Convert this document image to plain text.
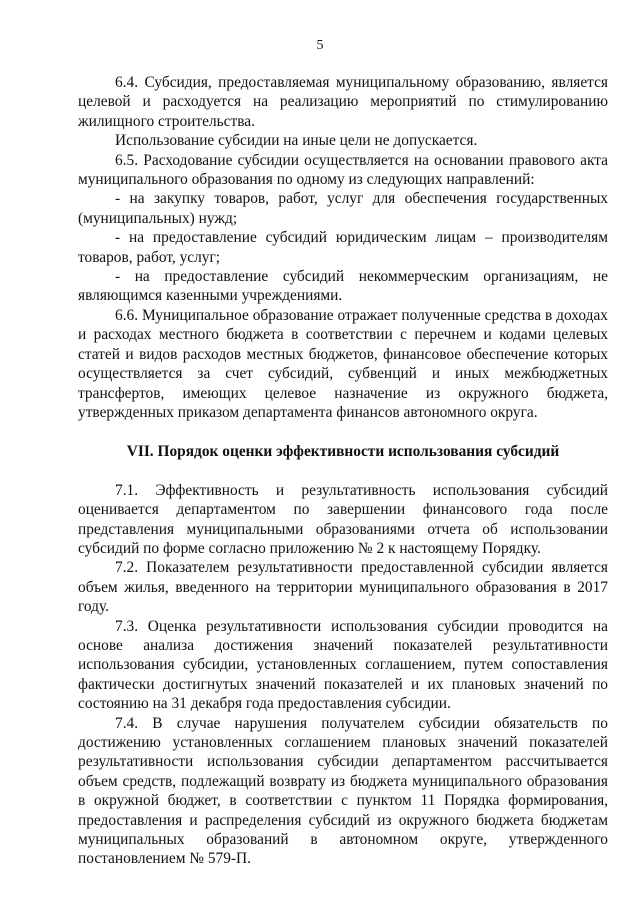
5

6.4. Субсидия, предоставляемая муниципальному образованию, является целевой и расходуется на реализацию мероприятий по стимулированию жилищного строительства.

Использование субсидии на иные цели не допускается.

6.5. Расходование субсидии осуществляется на основании правового акта муниципального образования по одному из следующих направлений:

- на закупку товаров, работ, услуг для обеспечения государственных (муниципальных) нужд;

- на предоставление субсидий юридическим лицам – производителям товаров, работ, услуг;

- на предоставление субсидий некоммерческим организациям, не являющимся казенными учреждениями.

6.6. Муниципальное образование отражает полученные средства в доходах и расходах местного бюджета в соответствии с перечнем и кодами целевых статей и видов расходов местных бюджетов, финансовое обеспечение которых осуществляется за счет субсидий, субвенций и иных межбюджетных трансфертов, имеющих целевое назначение из окружного бюджета, утвержденных приказом департамента финансов автономного округа.

VII. Порядок оценки эффективности использования субсидий

7.1. Эффективность и результативность использования субсидий оценивается департаментом по завершении финансового года после представления муниципальными образованиями отчета об использовании субсидий по форме согласно приложению № 2 к настоящему Порядку.

7.2. Показателем результативности предоставленной субсидии является объем жилья, введенного на территории муниципального образования в 2017 году.

7.3. Оценка результативности использования субсидии проводится на основе анализа достижения значений показателей результативности использования субсидии, установленных соглашением, путем сопоставления фактически достигнутых значений показателей и их плановых значений по состоянию на 31 декабря года предоставления субсидии.

7.4. В случае нарушения получателем субсидии обязательств по достижению установленных соглашением плановых значений показателей результативности использования субсидии департаментом рассчитывается объем средств, подлежащий возврату из бюджета муниципального образования в окружной бюджет, в соответствии с пунктом 11 Порядка формирования, предоставления и распределения субсидий из окружного бюджета бюджетам муниципальных образований в автономном округе, утвержденного постановлением № 579-П.
